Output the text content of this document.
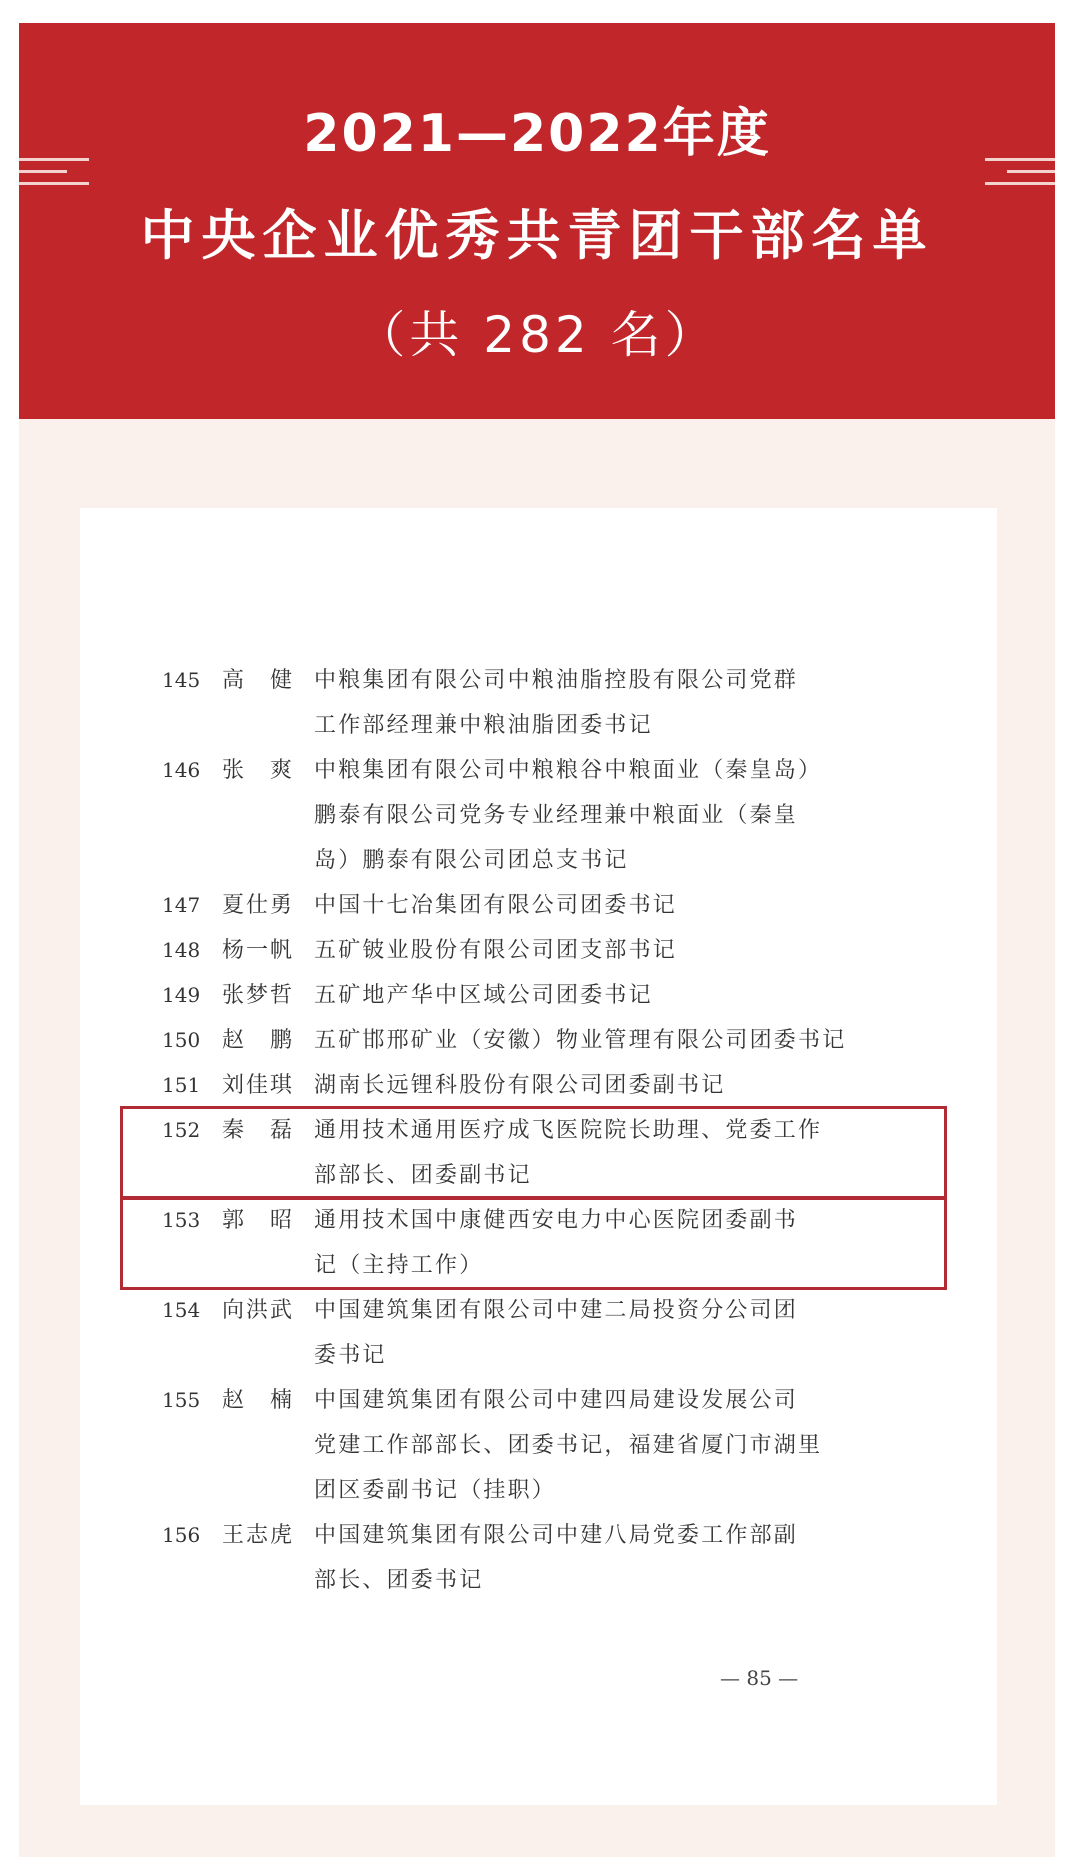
2021—2022年度
中央企业优秀共青团干部名单
（共 282 名）
145 高　健 中粮集团有限公司中粮油脂控股有限公司党群
工作部经理兼中粮油脂团委书记
146 张　爽 中粮集团有限公司中粮粮谷中粮面业（秦皇岛）
鹏泰有限公司党务专业经理兼中粮面业（秦皇
岛）鹏泰有限公司团总支书记
147 夏仕勇 中国十七冶集团有限公司团委书记
148 杨一帆 五矿铍业股份有限公司团支部书记
149 张梦哲 五矿地产华中区域公司团委书记
150 赵　鹏 五矿邯邢矿业（安徽）物业管理有限公司团委书记
151 刘佳琪 湖南长远锂科股份有限公司团委副书记
152 秦　磊 通用技术通用医疗成飞医院院长助理、党委工作
部部长、团委副书记
153 郭　昭 通用技术国中康健西安电力中心医院团委副书
记（主持工作）
154 向洪武 中国建筑集团有限公司中建二局投资分公司团
委书记
155 赵　楠 中国建筑集团有限公司中建四局建设发展公司
党建工作部部长、团委书记，福建省厦门市湖里
团区委副书记（挂职）
156 王志虎 中国建筑集团有限公司中建八局党委工作部副
部长、团委书记
— 85 —
